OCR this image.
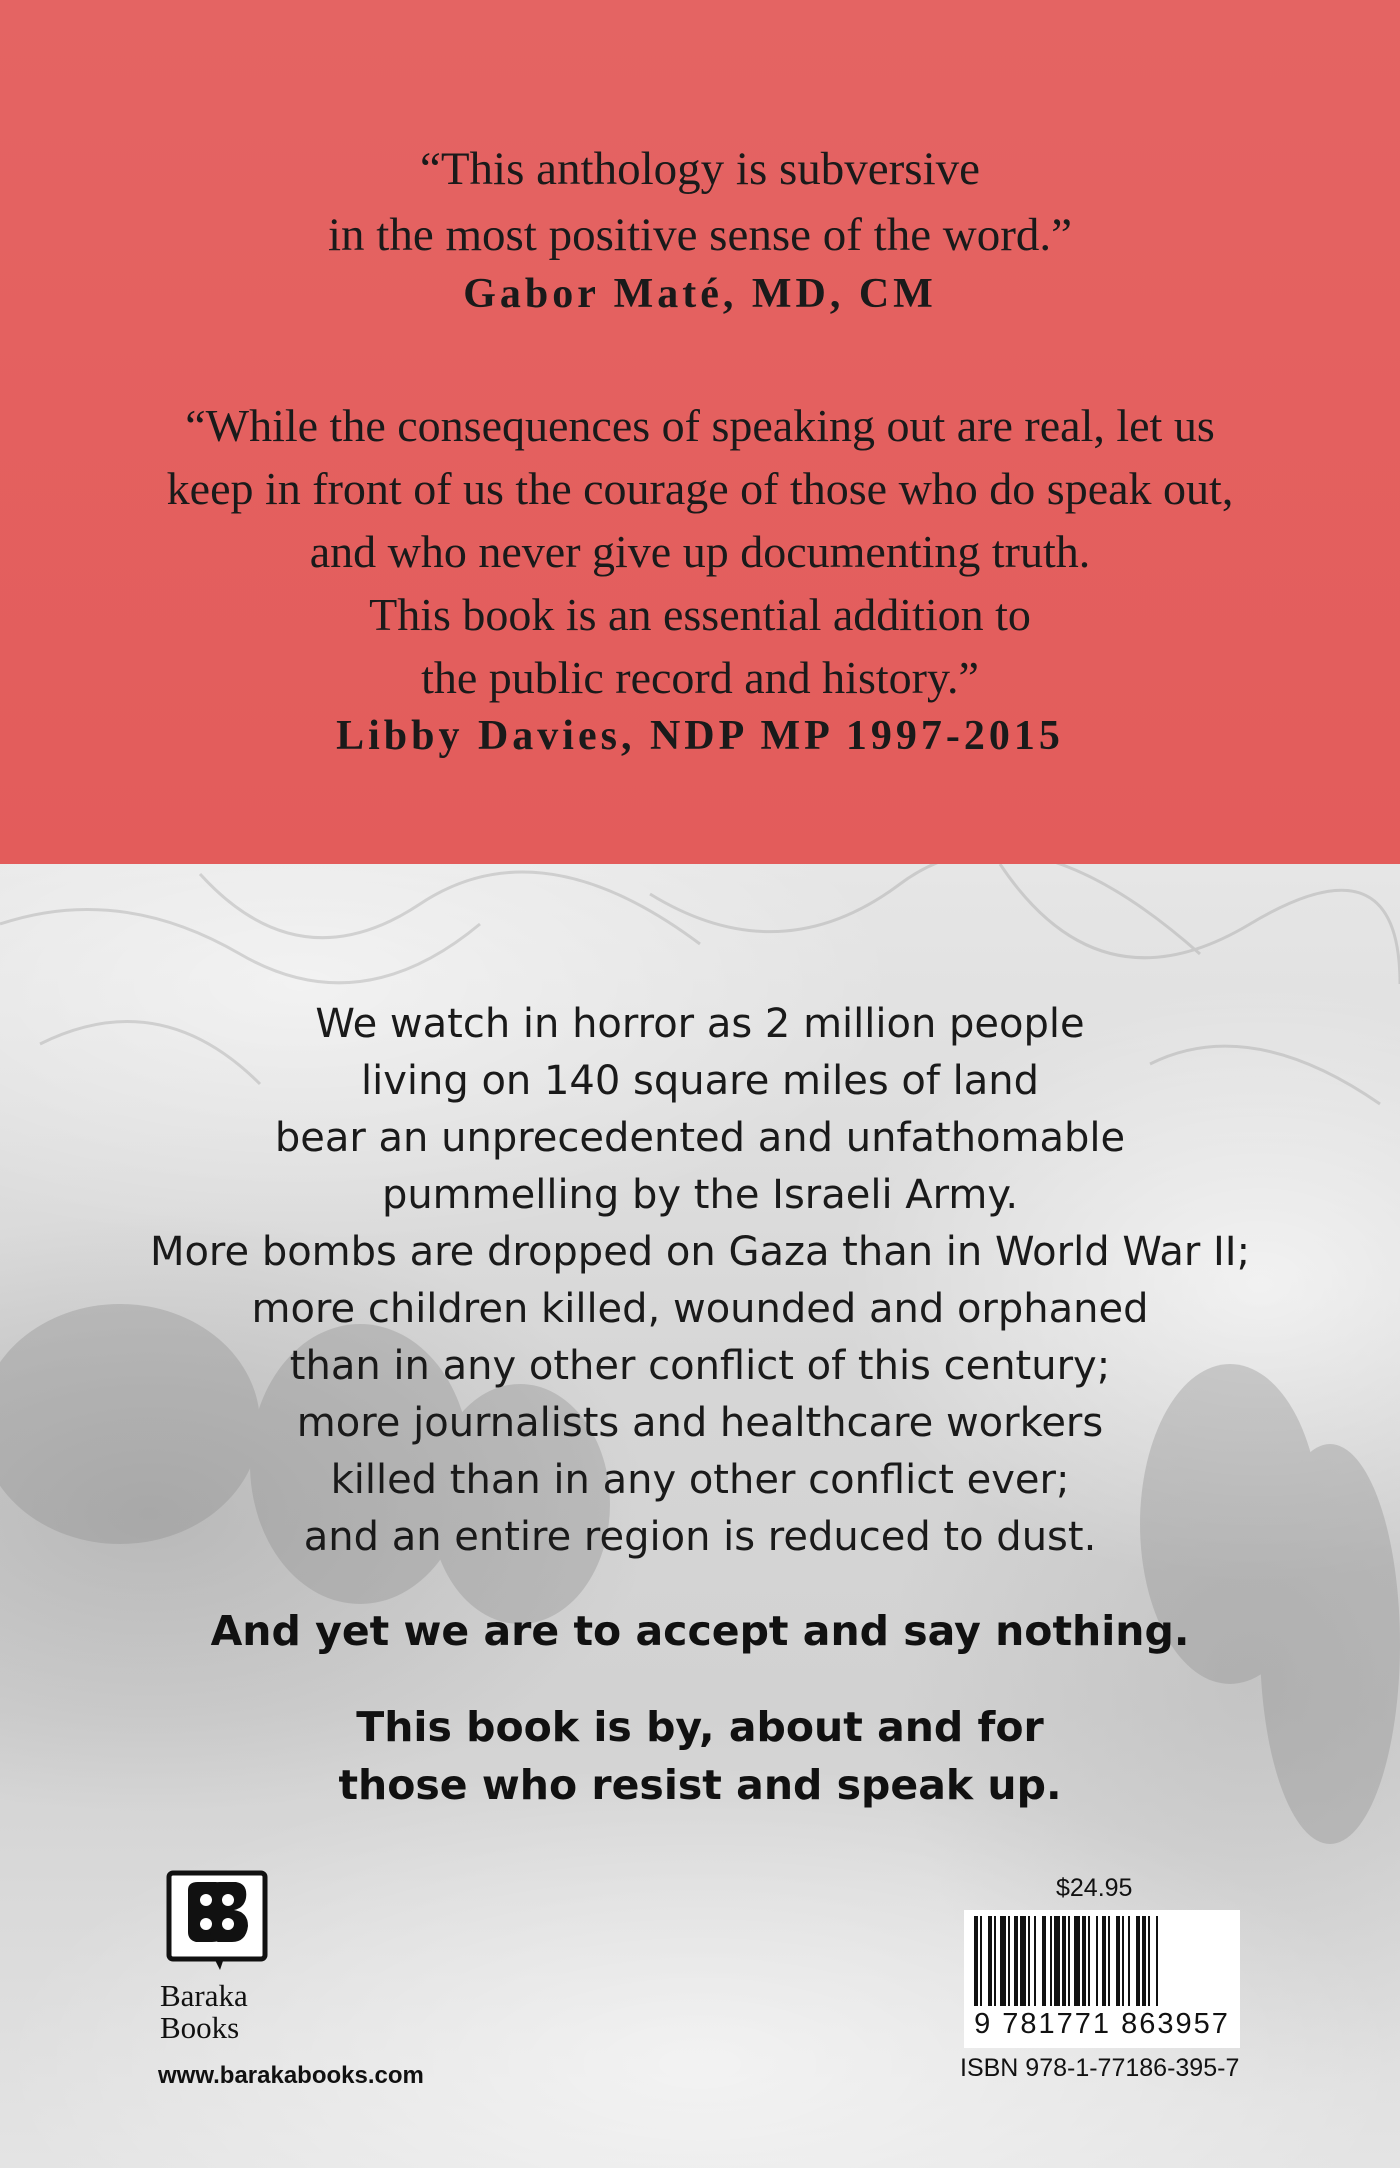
“This anthology is subversive
in the most positive sense of the word.”
Gabor Maté, MD, CM
“While the consequences of speaking out are real, let us
keep in front of us the courage of those who do speak out,
and who never give up documenting truth.
This book is an essential addition to
the public record and history.”
Libby Davies, NDP MP 1997-2015
We watch in horror as 2 million people
living on 140 square miles of land
bear an unprecedented and unfathomable
pummelling by the Israeli Army.
More bombs are dropped on Gaza than in World War II;
more children killed, wounded and orphaned
than in any other conflict of this century;
more journalists and healthcare workers
killed than in any other conflict ever;
and an entire region is reduced to dust.
And yet we are to accept and say nothing.
This book is by, about and for
those who resist and speak up.
Baraka
Books
www.barakabooks.com
$24.95
9 781771 863957
ISBN 978-1-77186-395-7
